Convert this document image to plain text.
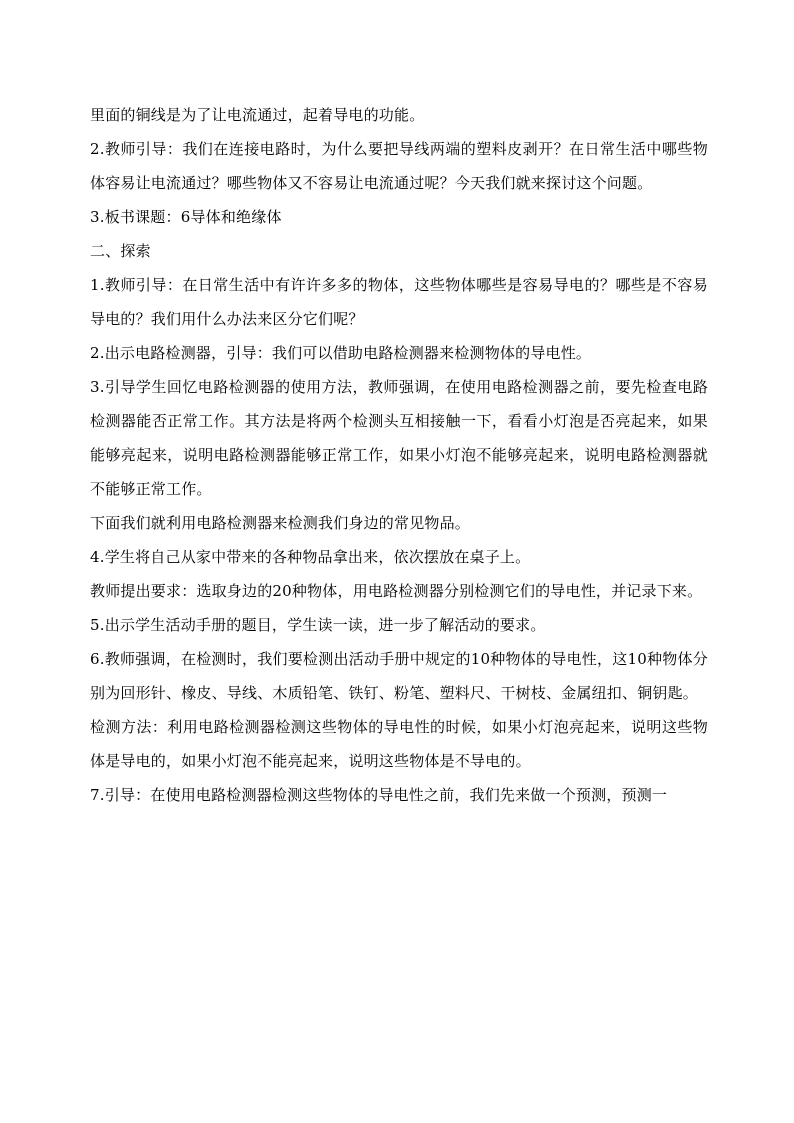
里面的铜线是为了让电流通过，起着导电的功能。

2.教师引导：我们在连接电路时，为什么要把导线两端的塑料皮剥开？在日常生活中哪些物体容易让电流通过？哪些物体又不容易让电流通过呢？今天我们就来探讨这个问题。

3.板书课题：6导体和绝缘体

二、探索

1.教师引导：在日常生活中有许许多多的物体，这些物体哪些是容易导电的？哪些是不容易导电的？我们用什么办法来区分它们呢？

2.出示电路检测器，引导：我们可以借助电路检测器来检测物体的导电性。

3.引导学生回忆电路检测器的使用方法，教师强调，在使用电路检测器之前，要先检查电路检测器能否正常工作。其方法是将两个检测头互相接触一下，看看小灯泡是否亮起来，如果能够亮起来，说明电路检测器能够正常工作，如果小灯泡不能够亮起来，说明电路检测器就不能够正常工作。

下面我们就利用电路检测器来检测我们身边的常见物品。

4.学生将自己从家中带来的各种物品拿出来，依次摆放在桌子上。

教师提出要求：选取身边的20种物体，用电路检测器分别检测它们的导电性，并记录下来。

5.出示学生活动手册的题目，学生读一读，进一步了解活动的要求。

6.教师强调，在检测时，我们要检测出活动手册中规定的10种物体的导电性，这10种物体分别为回形针、橡皮、导线、木质铅笔、铁钉、粉笔、塑料尺、干树枝、金属纽扣、铜钥匙。

检测方法：利用电路检测器检测这些物体的导电性的时候，如果小灯泡亮起来，说明这些物体是导电的，如果小灯泡不能亮起来，说明这些物体是不导电的。

7.引导：在使用电路检测器检测这些物体的导电性之前，我们先来做一个预测，预测一
